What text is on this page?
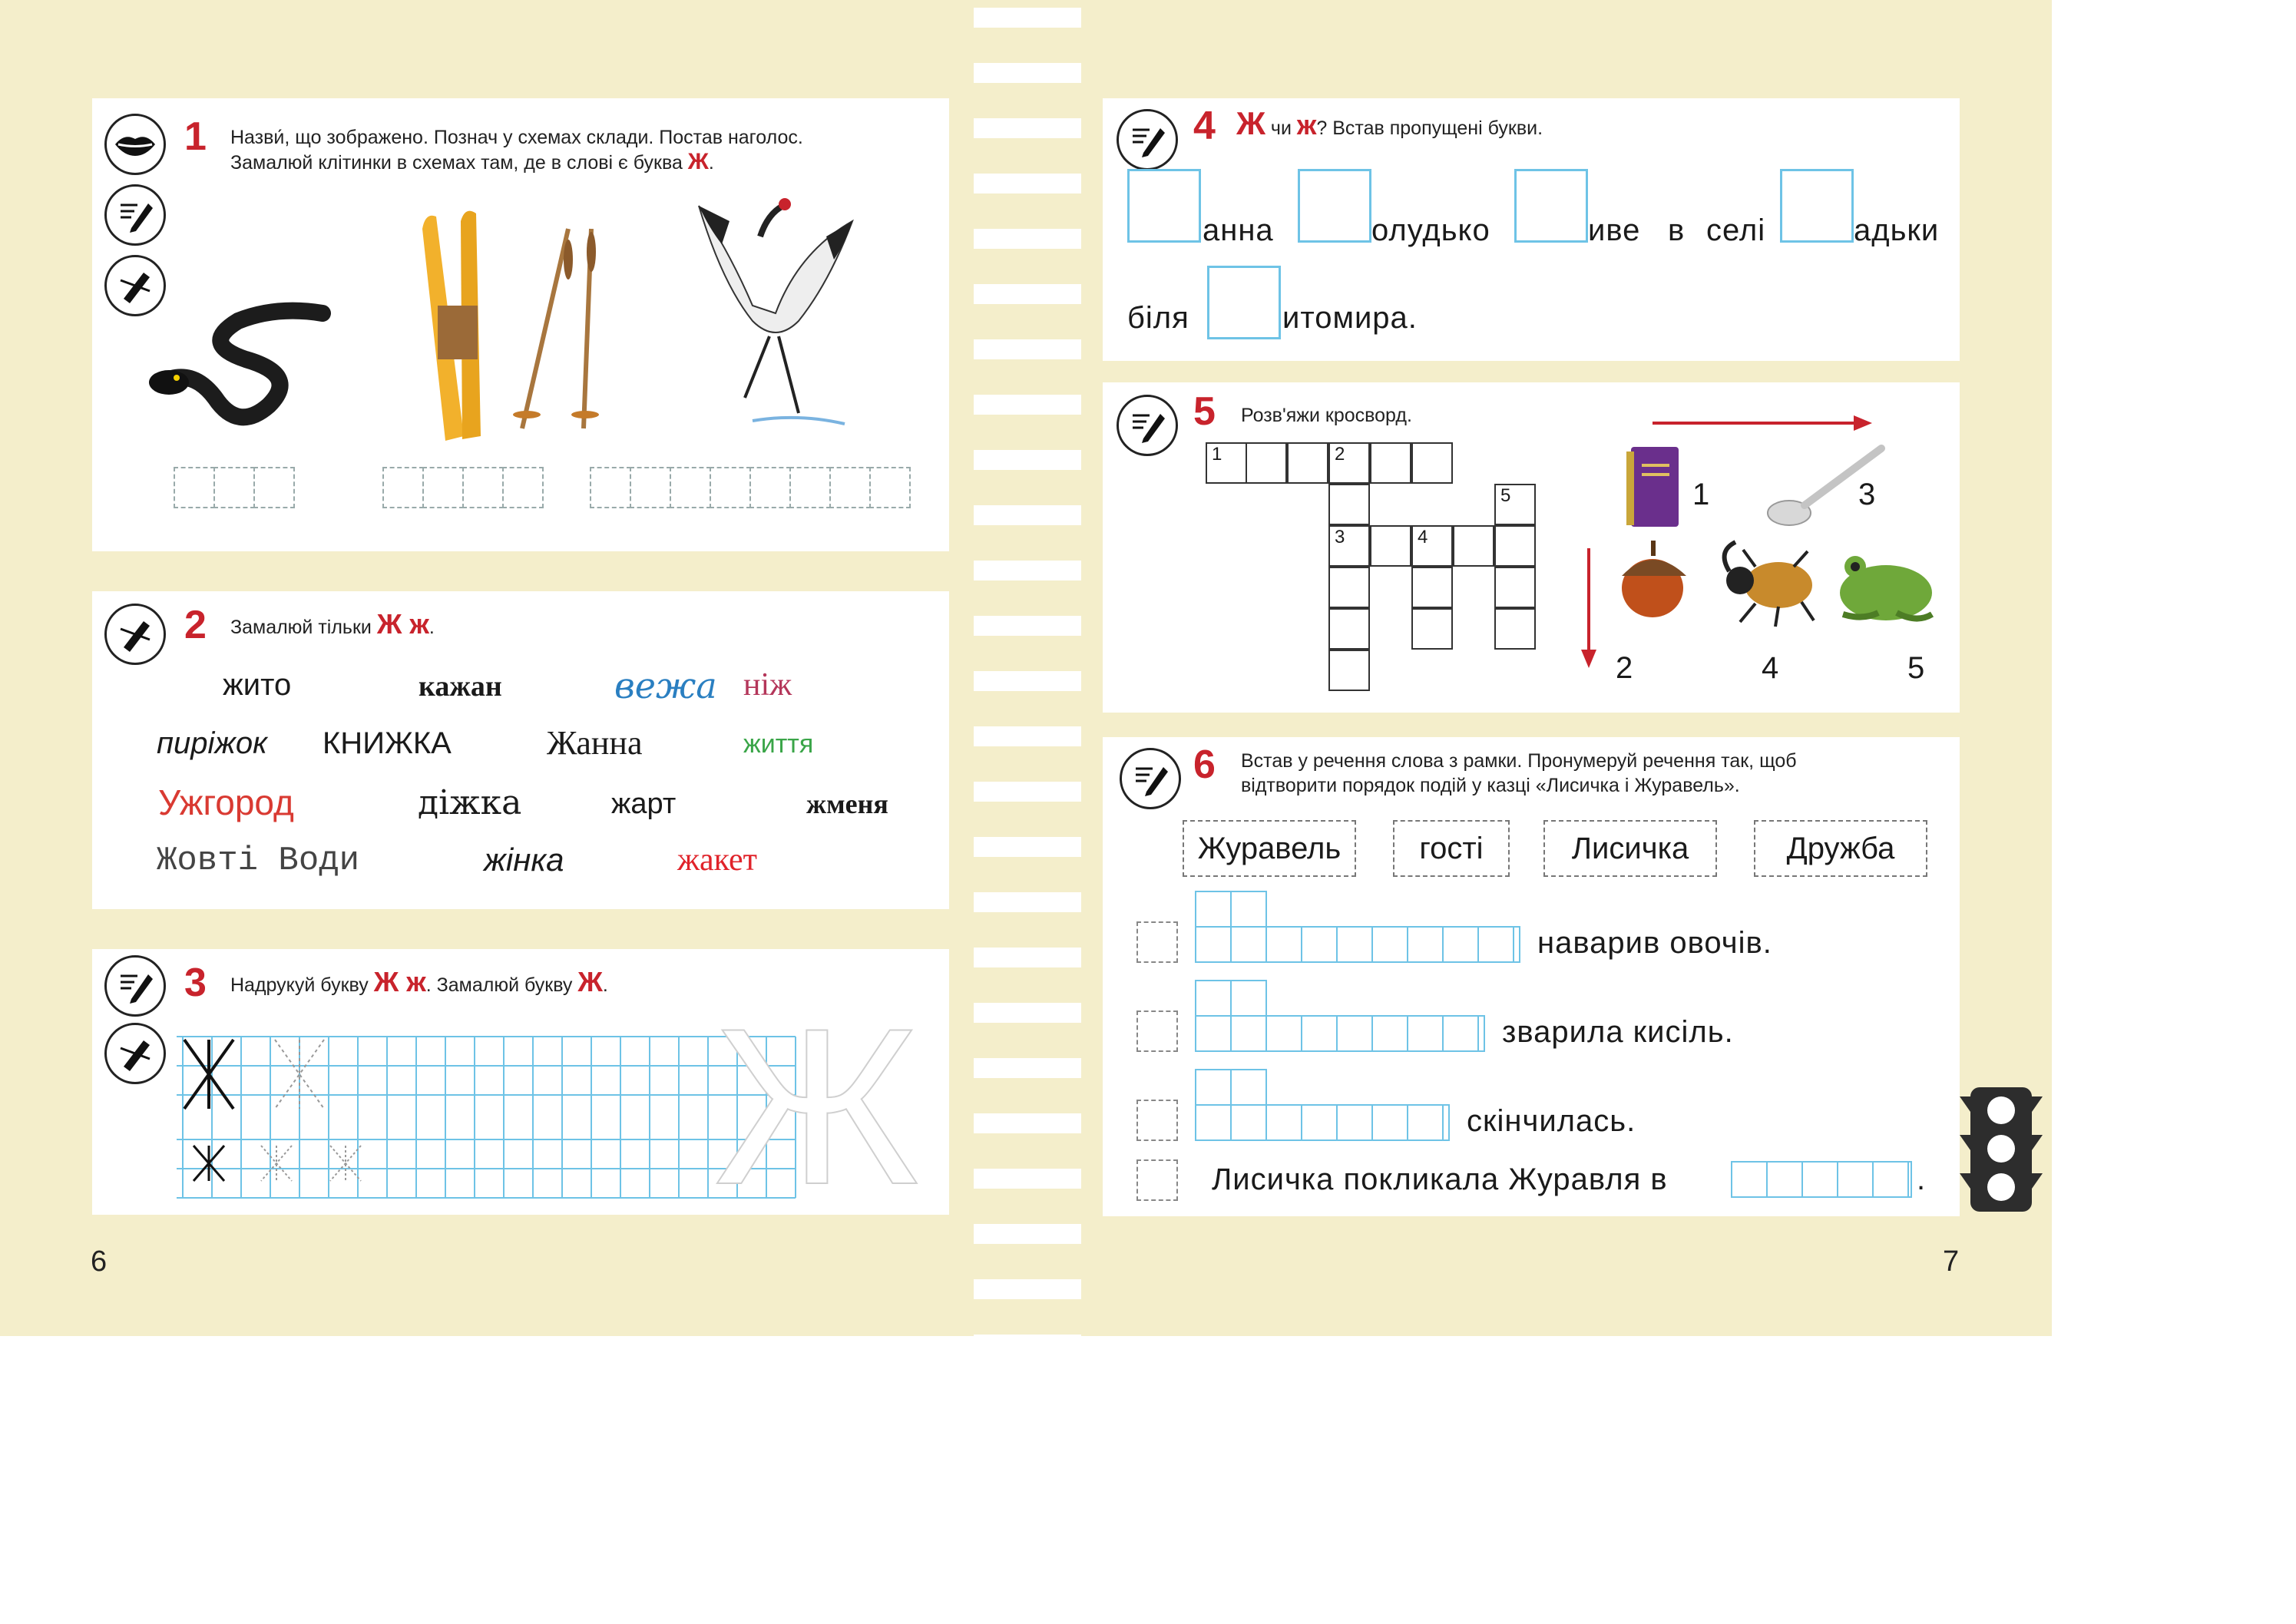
1 Назви́, що зображено. Познач у схемах склади. Постав наголос.
Замалюй клітинки в схемах там, де в слові є буква Ж.
2 Замалюй тільки Ж ж.
жито	кажан	вежа ніж
пиріжок КНИЖКА	Жанна	життя
Ужгород	діжка	жарт	жменя
Жовті Води	жінка	жакет
3 Надрукуй букву Ж ж. Замалюй букву Ж. Ж
6
4 Ж чи ж? Встав пропущені букви.
анна	олудько	иве в селі	адьки
біля	итомира.
5 Розв'яжи кросворд.
1	2
5
3	4
1	3
2	4	5
6 Встав у речення слова з рамки. Пронумеруй речення так, щоб
відтворити порядок подій у казці «Лисичка і Журавель».
Журавель	гості	Лисичка	Дружба
наварив овочів.
зварила кисіль.
скінчилась.
Лисичка покликала Журавля в	.
7
